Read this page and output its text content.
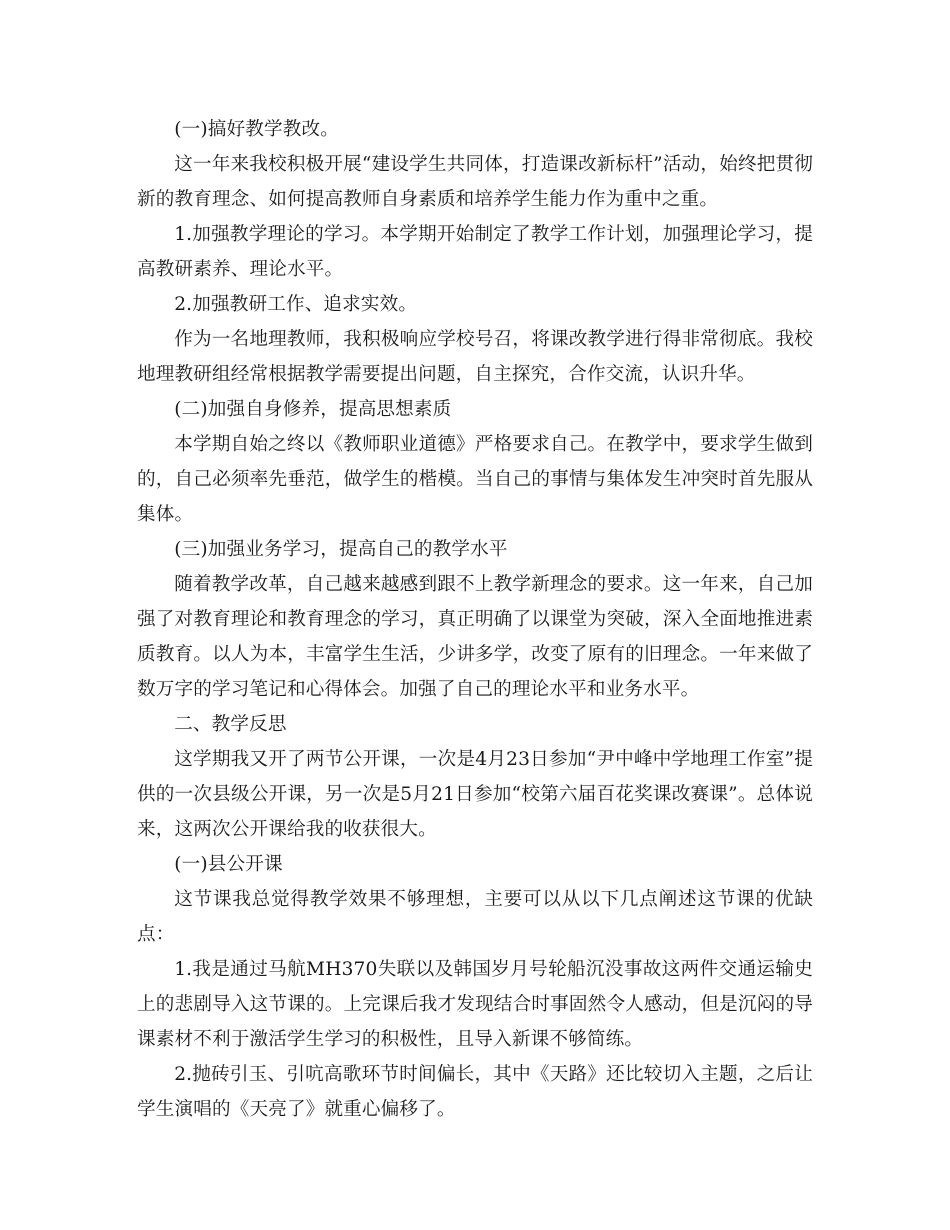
(一)搞好教学教改。

这一年来我校积极开展“建设学生共同体，打造课改新标杆”活动，始终把贯彻新的教育理念、如何提高教师自身素质和培养学生能力作为重中之重。

1.加强教学理论的学习。本学期开始制定了教学工作计划，加强理论学习，提高教研素养、理论水平。

2.加强教研工作、追求实效。

作为一名地理教师，我积极响应学校号召，将课改教学进行得非常彻底。我校地理教研组经常根据教学需要提出问题，自主探究，合作交流，认识升华。

(二)加强自身修养，提高思想素质

本学期自始之终以《教师职业道德》严格要求自己。在教学中，要求学生做到的，自己必须率先垂范，做学生的楷模。当自己的事情与集体发生冲突时首先服从集体。

(三)加强业务学习，提高自己的教学水平

随着教学改革，自己越来越感到跟不上教学新理念的要求。这一年来，自己加强了对教育理论和教育理念的学习，真正明确了以课堂为突破，深入全面地推进素质教育。以人为本，丰富学生生活，少讲多学，改变了原有的旧理念。一年来做了数万字的学习笔记和心得体会。加强了自己的理论水平和业务水平。

二、教学反思

这学期我又开了两节公开课，一次是4月23日参加“尹中峰中学地理工作室”提供的一次县级公开课，另一次是5月21日参加“校第六届百花奖课改赛课”。总体说来，这两次公开课给我的收获很大。

(一)县公开课

这节课我总觉得教学效果不够理想，主要可以从以下几点阐述这节课的优缺点：

1.我是通过马航MH370失联以及韩国岁月号轮船沉没事故这两件交通运输史上的悲剧导入这节课的。上完课后我才发现结合时事固然令人感动，但是沉闷的导课素材不利于激活学生学习的积极性，且导入新课不够简练。

2.抛砖引玉、引吭高歌环节时间偏长，其中《天路》还比较切入主题，之后让学生演唱的《天亮了》就重心偏移了。
